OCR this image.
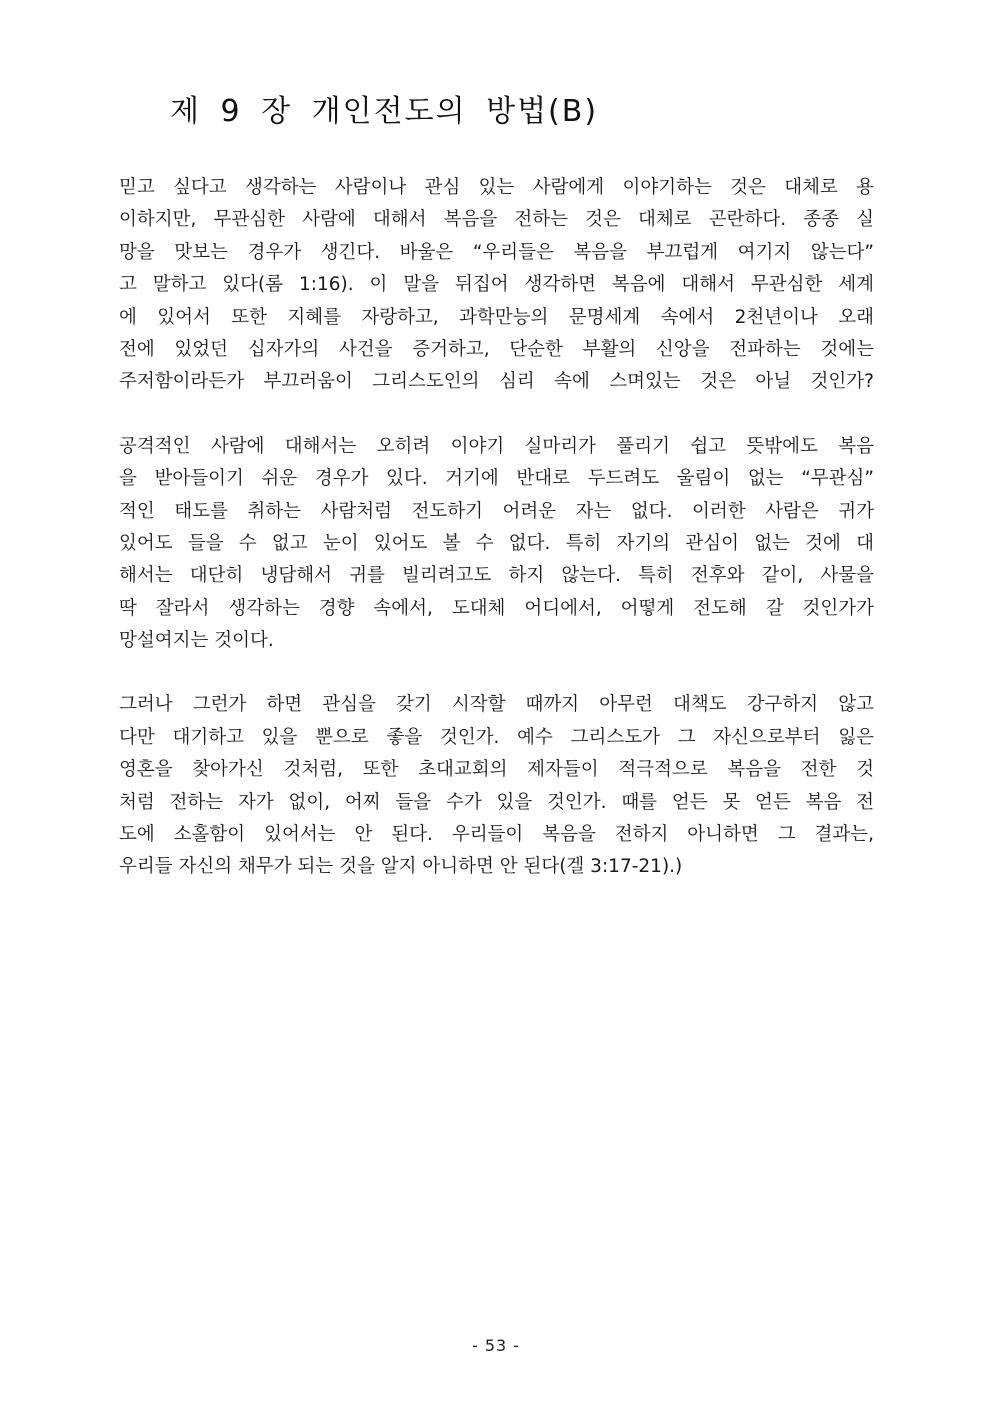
제 9 장 개인전도의 방법(B)
믿고 싶다고 생각하는 사람이나 관심 있는 사람에게 이야기하는 것은 대체로 용
이하지만, 무관심한 사람에 대해서 복음을 전하는 것은 대체로 곤란하다. 종종 실
망을 맛보는 경우가 생긴다. 바울은 “우리들은 복음을 부끄럽게 여기지 않는다”
고 말하고 있다(롬 1:16). 이 말을 뒤집어 생각하면 복음에 대해서 무관심한 세계
에 있어서 또한 지혜를 자랑하고, 과학만능의 문명세계 속에서 2천년이나 오래
전에 있었던 십자가의 사건을 증거하고, 단순한 부활의 신앙을 전파하는 것에는
주저함이라든가 부끄러움이 그리스도인의 심리 속에 스며있는 것은 아닐 것인가?
공격적인 사람에 대해서는 오히려 이야기 실마리가 풀리기 쉽고 뜻밖에도 복음
을 받아들이기 쉬운 경우가 있다. 거기에 반대로 두드려도 울림이 없는 “무관심”
적인 태도를 취하는 사람처럼 전도하기 어려운 자는 없다. 이러한 사람은 귀가
있어도 들을 수 없고 눈이 있어도 볼 수 없다. 특히 자기의 관심이 없는 것에 대
해서는 대단히 냉담해서 귀를 빌리려고도 하지 않는다. 특히 전후와 같이, 사물을
딱 잘라서 생각하는 경향 속에서, 도대체 어디에서, 어떻게 전도해 갈 것인가가
망설여지는 것이다.
그러나 그런가 하면 관심을 갖기 시작할 때까지 아무런 대책도 강구하지 않고
다만 대기하고 있을 뿐으로 좋을 것인가. 예수 그리스도가 그 자신으로부터 잃은
영혼을 찾아가신 것처럼, 또한 초대교회의 제자들이 적극적으로 복음을 전한 것
처럼 전하는 자가 없이, 어찌 들을 수가 있을 것인가. 때를 얻든 못 얻든 복음 전
도에 소홀함이 있어서는 안 된다. 우리들이 복음을 전하지 아니하면 그 결과는,
우리들 자신의 채무가 되는 것을 알지 아니하면 안 된다(겔 3:17-21).)
- 53 -
